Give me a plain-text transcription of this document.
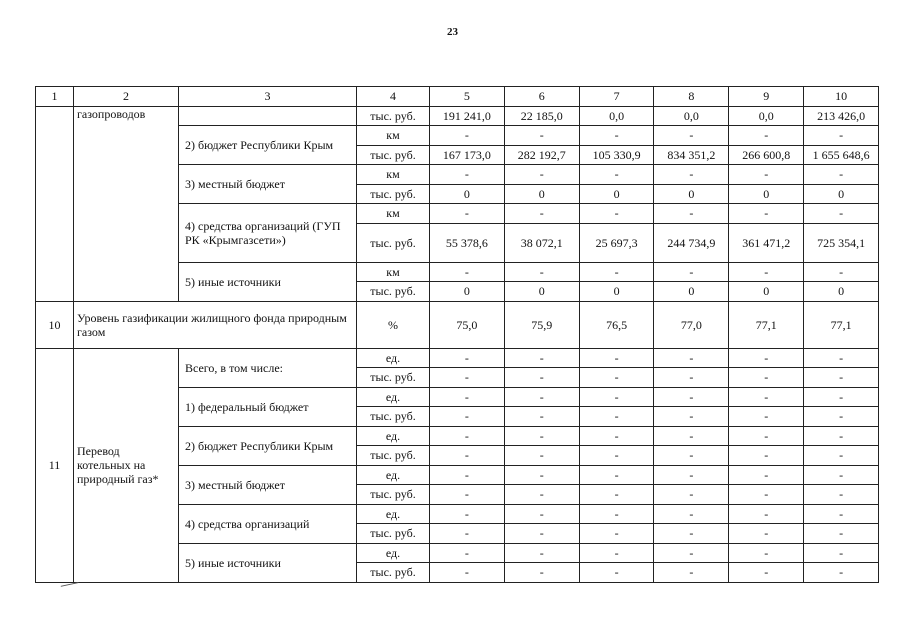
23
1	2	3	4	5	6	7	8	9	10
	газопроводов		тыс. руб.	191 241,0	22 185,0	0,0	0,0	0,0	213 426,0
		2) бюджет Республики Крым	км	-	-	-	-	-	-
			тыс. руб.	167 173,0	282 192,7	105 330,9	834 351,2	266 600,8	1 655 648,6
		3) местный бюджет	км	-	-	-	-	-	-
			тыс. руб.	0	0	0	0	0	0
		4) средства организаций (ГУП РК «Крымгазсети»)	км	-	-	-	-	-	-
			тыс. руб.	55 378,6	38 072,1	25 697,3	244 734,9	361 471,2	725 354,1
		5) иные источники	км	-	-	-	-	-	-
			тыс. руб.	0	0	0	0	0	0
10	Уровень газификации жилищного фонда природным газом		%	75,0	75,9	76,5	77,0	77,1	77,1
11	Перевод котельных на природный газ*	Всего, в том числе:	ед.	-	-	-	-	-	-
			тыс. руб.	-	-	-	-	-	-
		1) федеральный бюджет	ед.	-	-	-	-	-	-
			тыс. руб.	-	-	-	-	-	-
		2) бюджет Республики Крым	ед.	-	-	-	-	-	-
			тыс. руб.	-	-	-	-	-	-
		3) местный бюджет	ед.	-	-	-	-	-	-
			тыс. руб.	-	-	-	-	-	-
		4) средства организаций	ед.	-	-	-	-	-	-
			тыс. руб.	-	-	-	-	-	-
		5) иные источники	ед.	-	-	-	-	-	-
			тыс. руб.	-	-	-	-	-	-
